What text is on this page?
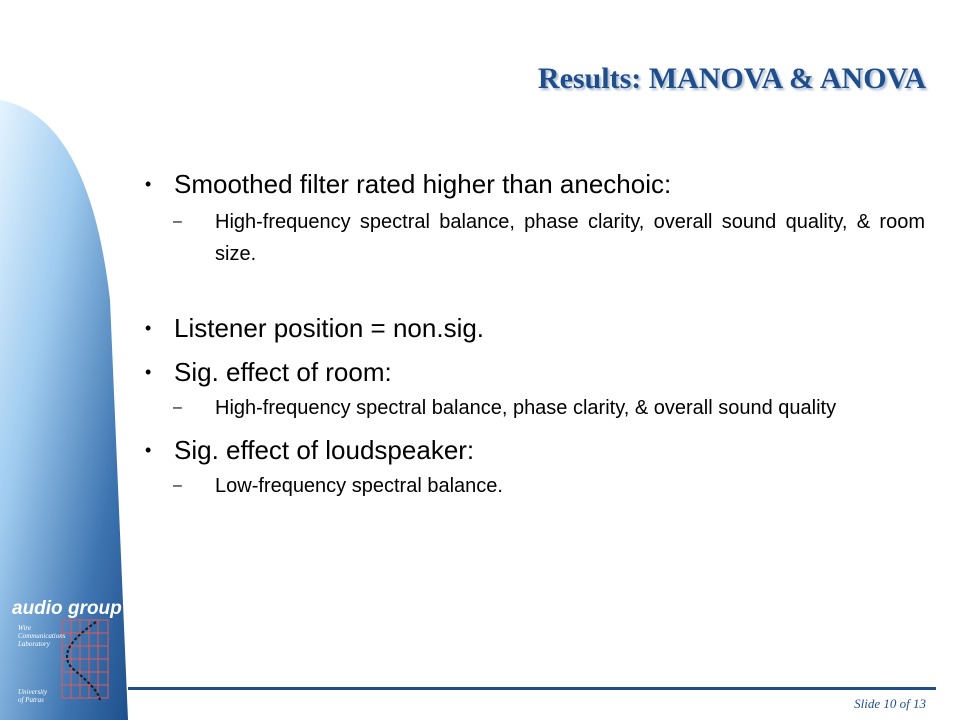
Results: MANOVA & ANOVA
• Smoothed filter rated higher than anechoic:
– High-frequency spectral balance, phase clarity, overall sound quality, & room size.
• Listener position = non.sig.
• Sig. effect of room:
– High-frequency spectral balance, phase clarity, & overall sound quality
• Sig. effect of loudspeaker:
– Low-frequency spectral balance.
audio group
Wire
Communications
Laboratory
University
of Patras	Slide 10 of 13
